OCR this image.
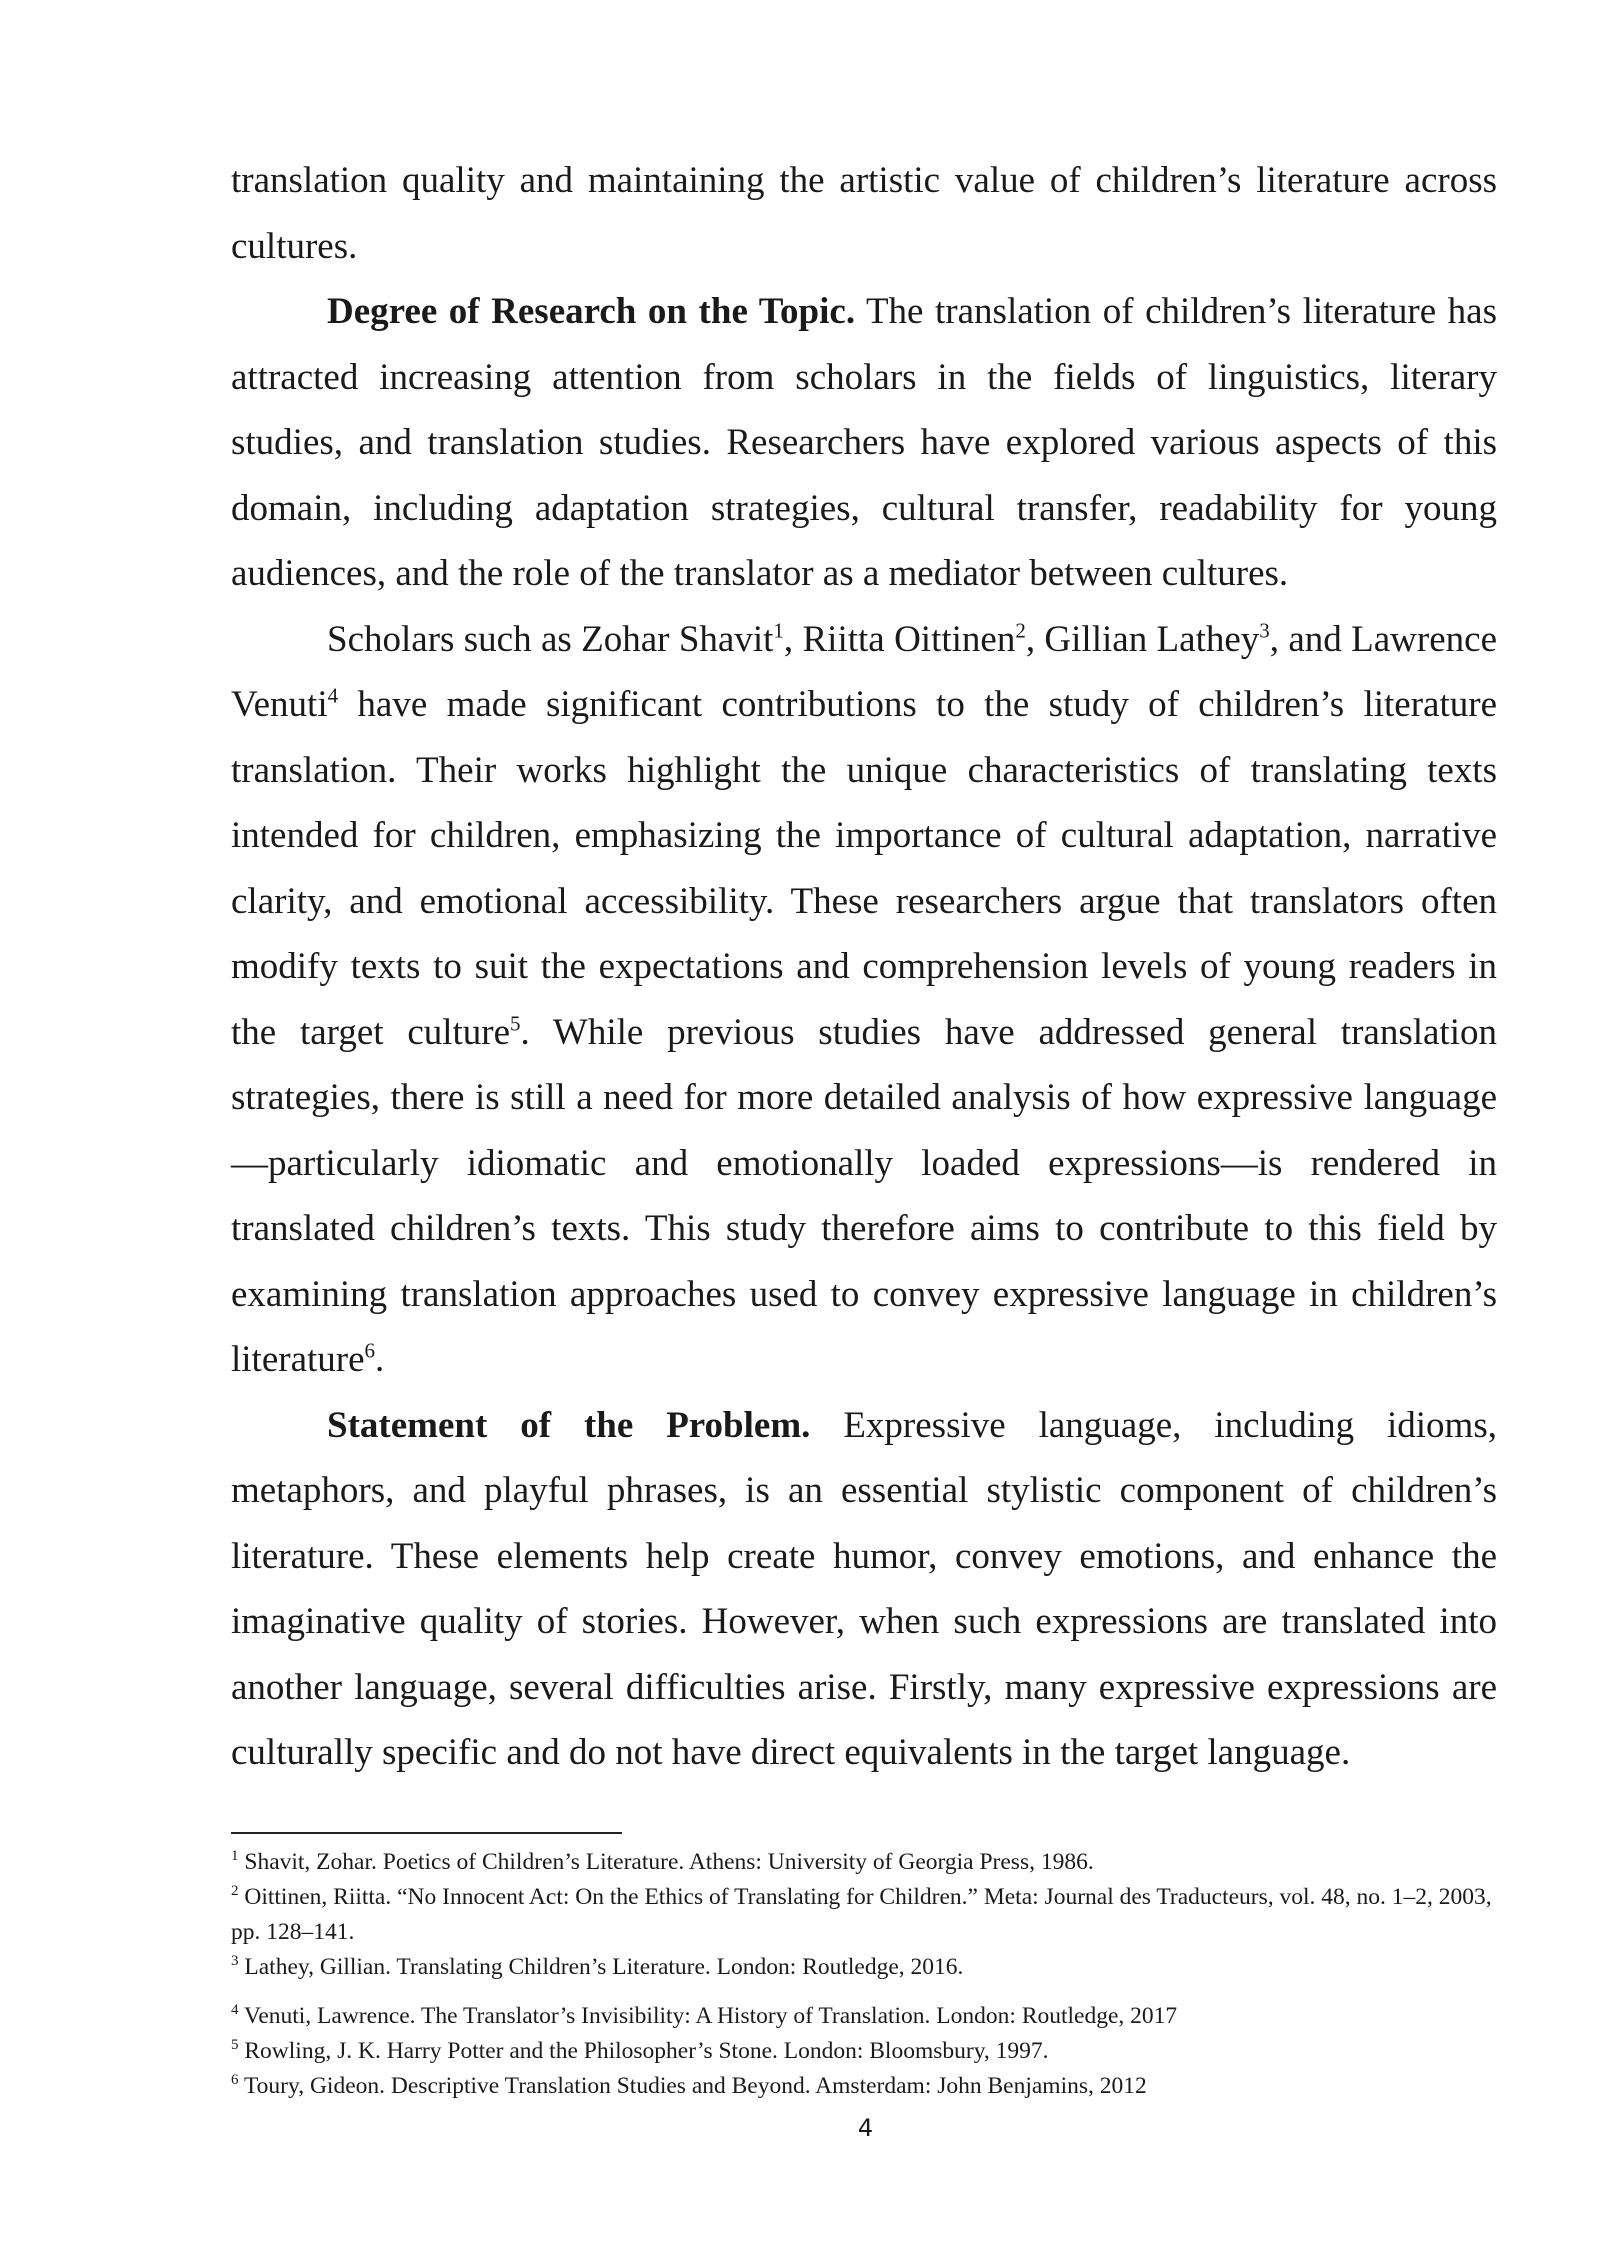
translation quality and maintaining the artistic value of children’s literature across cultures.

Degree of Research on the Topic. The translation of children’s literature has attracted increasing attention from scholars in the fields of linguistics, literary studies, and translation studies. Researchers have explored various aspects of this domain, including adaptation strategies, cultural transfer, readability for young audiences, and the role of the translator as a mediator between cultures.

Scholars such as Zohar Shavit$^1$, Riitta Oittinen$^2$, Gillian Lathey$^3$, and Lawrence Venuti$^4$ have made significant contributions to the study of children’s literature translation. Their works highlight the unique characteristics of translating texts intended for children, emphasizing the importance of cultural adaptation, narrative clarity, and emotional accessibility. These researchers argue that translators often modify texts to suit the expectations and comprehension levels of young readers in the target culture$^5$. While previous studies have addressed general translation strategies, there is still a need for more detailed analysis of how expressive language—particularly idiomatic and emotionally loaded expressions—is rendered in translated children’s texts. This study therefore aims to contribute to this field by examining translation approaches used to convey expressive language in children’s literature$^6$.

Statement of the Problem. Expressive language, including idioms, metaphors, and playful phrases, is an essential stylistic component of children’s literature. These elements help create humor, convey emotions, and enhance the imaginative quality of stories. However, when such expressions are translated into another language, several difficulties arise. Firstly, many expressive expressions are culturally specific and do not have direct equivalents in the target language.

$^1$ Shavit, Zohar. Poetics of Children’s Literature. Athens: University of Georgia Press, 1986.

$^2$ Oittinen, Riitta. “No Innocent Act: On the Ethics of Translating for Children.” Meta: Journal des Traducteurs, vol. 48, no. 1–2, 2003, pp. 128–141.

$^3$ Lathey, Gillian. Translating Children’s Literature. London: Routledge, 2016.

$^4$ Venuti, Lawrence. The Translator’s Invisibility: A History of Translation. London: Routledge, 2017

$^5$ Rowling, J. K. Harry Potter and the Philosopher’s Stone. London: Bloomsbury, 1997.

$^6$ Toury, Gideon. Descriptive Translation Studies and Beyond. Amsterdam: John Benjamins, 2012

4
